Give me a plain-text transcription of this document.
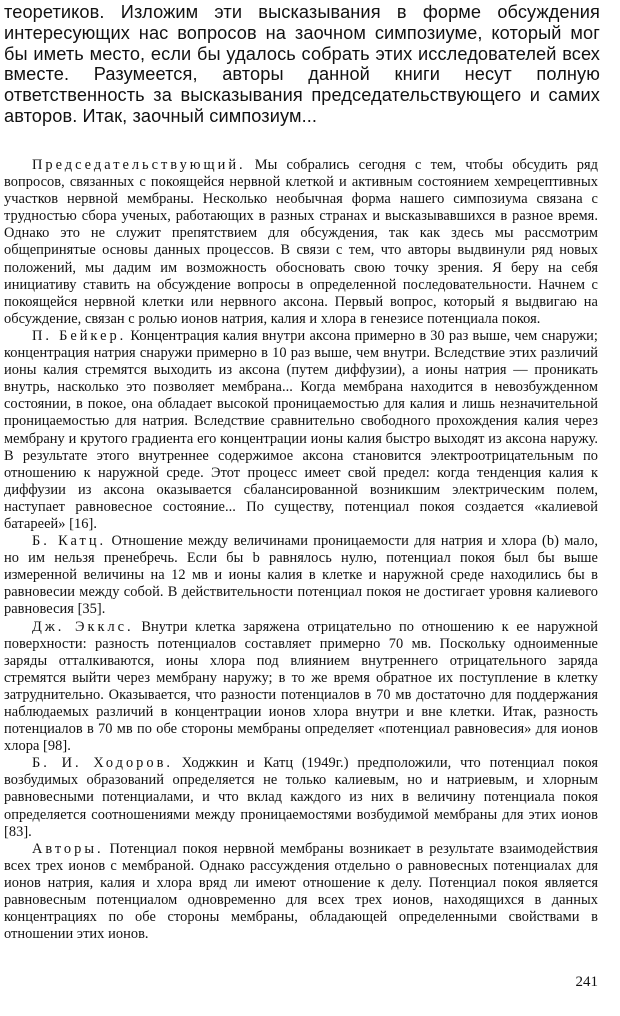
теоретиков. Изложим эти высказывания в форме обсуждения интересующих нас вопросов на заочном симпозиуме, который мог бы иметь место, если бы удалось собрать этих исследователей всех вместе. Разумеется, авторы данной книги несут полную ответственность за высказывания председательствующего и самих авторов. Итак, заочный симпозиум...

Председательствующий. Мы собрались сегодня с тем, чтобы обсудить ряд вопросов, связанных с покоящейся нервной клеткой и активным состоянием хемрецептивных участков нервной мембраны. Несколько необычная форма нашего симпозиума связана с трудностью сбора ученых, работающих в разных странах и высказывавшихся в разное время. Однако это не служит препятствием для обсуждения, так как здесь мы рассмотрим общепринятые основы данных процессов. В связи с тем, что авторы выдвинули ряд новых положений, мы дадим им возможность обосновать свою точку зрения. Я беру на себя инициативу ставить на обсуждение вопросы в определенной последовательности. Начнем с покоящейся нервной клетки или нервного аксона. Первый вопрос, который я выдвигаю на обсуждение, связан с ролью ионов натрия, калия и хлора в генезисе потенциала покоя.

П. Бейкер. Концентрация калия внутри аксона примерно в 30 раз выше, чем снаружи; концентрация натрия снаружи примерно в 10 раз выше, чем внутри. Вследствие этих различий ионы калия стремятся выходить из аксона (путем диффузии), а ионы натрия — проникать внутрь, насколько это позволяет мембрана... Когда мембрана находится в невозбужденном состоянии, в покое, она обладает высокой проницаемостью для калия и лишь незначительной проницаемостью для натрия. Вследствие сравнительно свободного прохождения калия через мембрану и крутого градиента его концентрации ионы калия быстро выходят из аксона наружу. В результате этого внутреннее содержимое аксона становится электроотрицательным по отношению к наружной среде. Этот процесс имеет свой предел: когда тенденция калия к диффузии из аксона оказывается сбалансированной возникшим электрическим полем, наступает равновесное состояние... По существу, потенциал покоя создается «калиевой батареей» [16].

Б. Катц. Отношение между величинами проницаемости для натрия и хлора (b) мало, но им нельзя пренебречь. Если бы b равнялось нулю, потенциал покоя был бы выше измеренной величины на 12 мв и ионы калия в клетке и наружной среде находились бы в равновесии между собой. В действительности потенциал покоя не достигает уровня калиевого равновесия [35].

Дж. Экклс. Внутри клетка заряжена отрицательно по отношению к ее наружной поверхности: разность потенциалов составляет примерно 70 мв. Поскольку одноименные заряды отталкиваются, ионы хлора под влиянием внутреннего отрицательного заряда стремятся выйти через мембрану наружу; в то же время обратное их поступление в клетку затруднительно. Оказывается, что разности потенциалов в 70 мв достаточно для поддержания наблюдаемых различий в концентрации ионов хлора внутри и вне клетки. Итак, разность потенциалов в 70 мв по обе стороны мембраны определяет «потенциал равновесия» для ионов хлора [98].

Б. И. Ходоров. Ходжкин и Катц (1949г.) предположили, что потенциал покоя возбудимых образований определяется не только калиевым, но и натриевым, и хлорным равновесными потенциалами, и что вклад каждого из них в величину потенциала покоя определяется соотношениями между проницаемостями возбудимой мембраны для этих ионов [83].

Авторы. Потенциал покоя нервной мембраны возникает в результате взаимодействия всех трех ионов с мембраной. Однако рассуждения отдельно о равновесных потенциалах для ионов натрия, калия и хлора вряд ли имеют отношение к делу. Потенциал покоя является равновесным потенциалом одновременно для всех трех ионов, находящихся в данных концентрациях по обе стороны мембраны, обладающей определенными свойствами в отношении этих ионов.

241
